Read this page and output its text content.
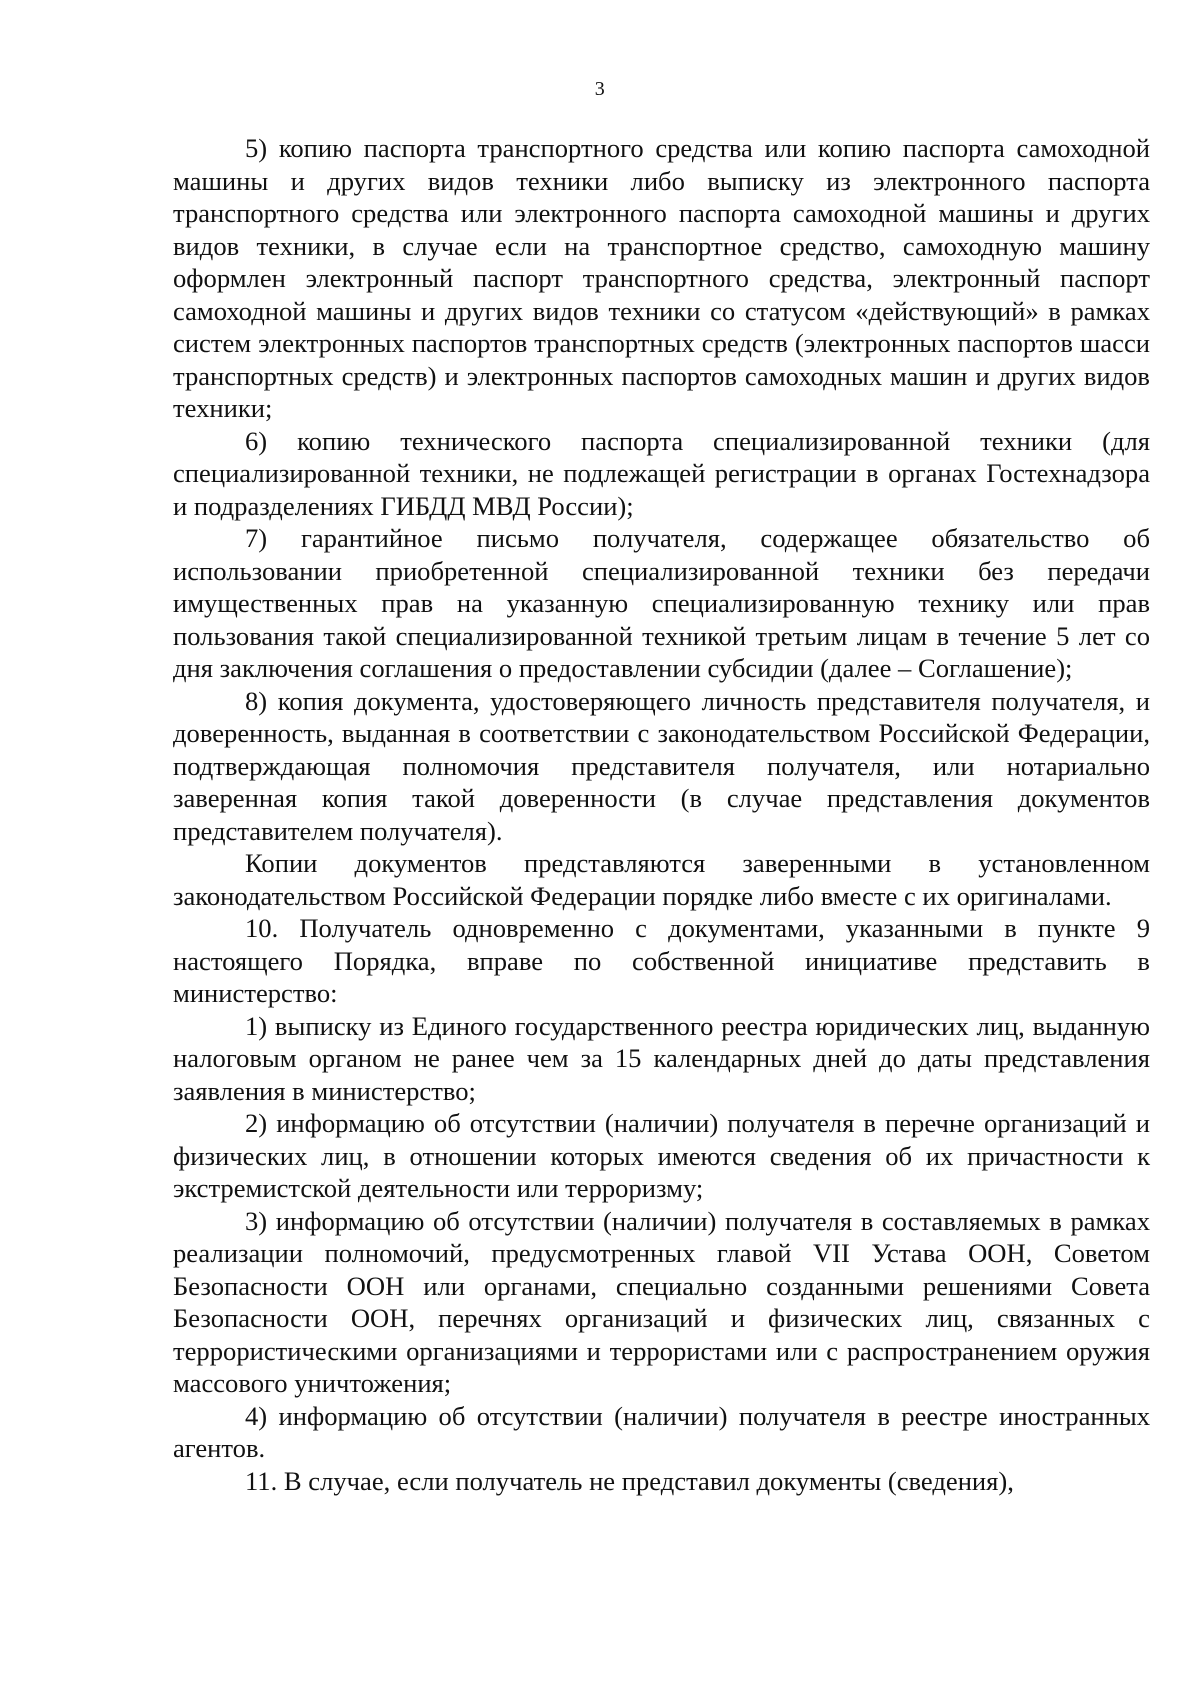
3

5) копию паспорта транспортного средства или копию паспорта самоходной машины и других видов техники либо выписку из электронного паспорта транспортного средства или электронного паспорта самоходной машины и других видов техники, в случае если на транспортное средство, самоходную машину оформлен электронный паспорт транспортного средства, электронный паспорт самоходной машины и других видов техники со статусом «действующий» в рамках систем электронных паспортов транспортных средств (электронных паспортов шасси транспортных средств) и электронных паспортов самоходных машин и других видов техники;

6) копию технического паспорта специализированной техники (для специализированной техники, не подлежащей регистрации в органах Гостехнадзора и подразделениях ГИБДД МВД России);

7) гарантийное письмо получателя, содержащее обязательство об использовании приобретенной специализированной техники без передачи имущественных прав на указанную специализированную технику или прав пользования такой специализированной техникой третьим лицам в течение 5 лет со дня заключения соглашения о предоставлении субсидии (далее – Соглашение);

8) копия документа, удостоверяющего личность представителя получателя, и доверенность, выданная в соответствии с законодательством Российской Федерации, подтверждающая полномочия представителя получателя, или нотариально заверенная копия такой доверенности (в случае представления документов представителем получателя).

Копии документов представляются заверенными в установленном законодательством Российской Федерации порядке либо вместе с их оригиналами.

10. Получатель одновременно с документами, указанными в пункте 9 настоящего Порядка, вправе по собственной инициативе представить в министерство:

1) выписку из Единого государственного реестра юридических лиц, выданную налоговым органом не ранее чем за 15 календарных дней до даты представления заявления в министерство;

2) информацию об отсутствии (наличии) получателя в перечне организаций и физических лиц, в отношении которых имеются сведения об их причастности к экстремистской деятельности или терроризму;

3) информацию об отсутствии (наличии) получателя в составляемых в рамках реализации полномочий, предусмотренных главой VII Устава ООН, Советом Безопасности ООН или органами, специально созданными решениями Совета Безопасности ООН, перечнях организаций и физических лиц, связанных с террористическими организациями и террористами или с распространением оружия массового уничтожения;

4) информацию об отсутствии (наличии) получателя в реестре иностранных агентов.

11. В случае, если получатель не представил документы (сведения),
